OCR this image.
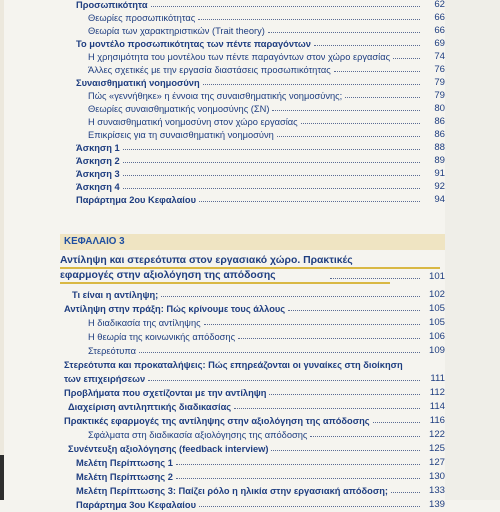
Προσωπικότητα	62
Θεωρίες προσωπικότητας	66
Θεωρία των χαρακτηριστικών (Trait theory)	66
Το μοντέλο προσωπικότητας των πέντε παραγόντων	69
Η χρησιμότητα του μοντέλου των πέντε παραγόντων στον χώρο εργασίας	74
Άλλες σχετικές με την εργασία διαστάσεις προσωπικότητας	76
Συναισθηματική νοημοσύνη	79
Πώς «γεννήθηκε» η έννοια της συναισθηματικής νοημοσύνης;	79
Θεωρίες συναισθηματικής νοημοσύνης (ΣΝ)	80
Η συναισθηματική νοημοσύνη στον χώρο εργασίας	86
Επικρίσεις για τη συναισθηματική νοημοσύνη	86
Άσκηση 1	88
Άσκηση 2	89
Άσκηση 3	91
Άσκηση 4	92
Παράρτημα 2ου Κεφαλαίου	94
ΚΕΦΑΛΑΙΟ 3
Αντίληψη και στερεότυπα στον εργασιακό χώρο. Πρακτικές
εφαρμογές στην αξιολόγηση της απόδοσης	101
Τι είναι η αντίληψη;	102
Αντίληψη στην πράξη: Πώς κρίνουμε τους άλλους	105
Η διαδικασία της αντίληψης	105
Η θεωρία της κοινωνικής απόδοσης	106
Στερεότυπα	109
Στερεότυπα και προκαταλήψεις: Πώς επηρεάζονται οι γυναίκες στη διοίκηση
των επιχειρήσεων	111
Προβλήματα που σχετίζονται με την αντίληψη	112
Διαχείριση αντιληπτικής διαδικασίας	114
Πρακτικές εφαρμογές της αντίληψης στην αξιολόγηση της απόδοσης	116
Σφάλματα στη διαδικασία αξιολόγησης της απόδοσης	122
Συνέντευξη αξιολόγησης (feedback interview)	125
Μελέτη Περίπτωσης 1	127
Μελέτη Περίπτωσης 2	130
Μελέτη Περίπτωσης 3: Παίζει ρόλο η ηλικία στην εργασιακή απόδοση;	133
Παράρτημα 3ου Κεφαλαίου	139
